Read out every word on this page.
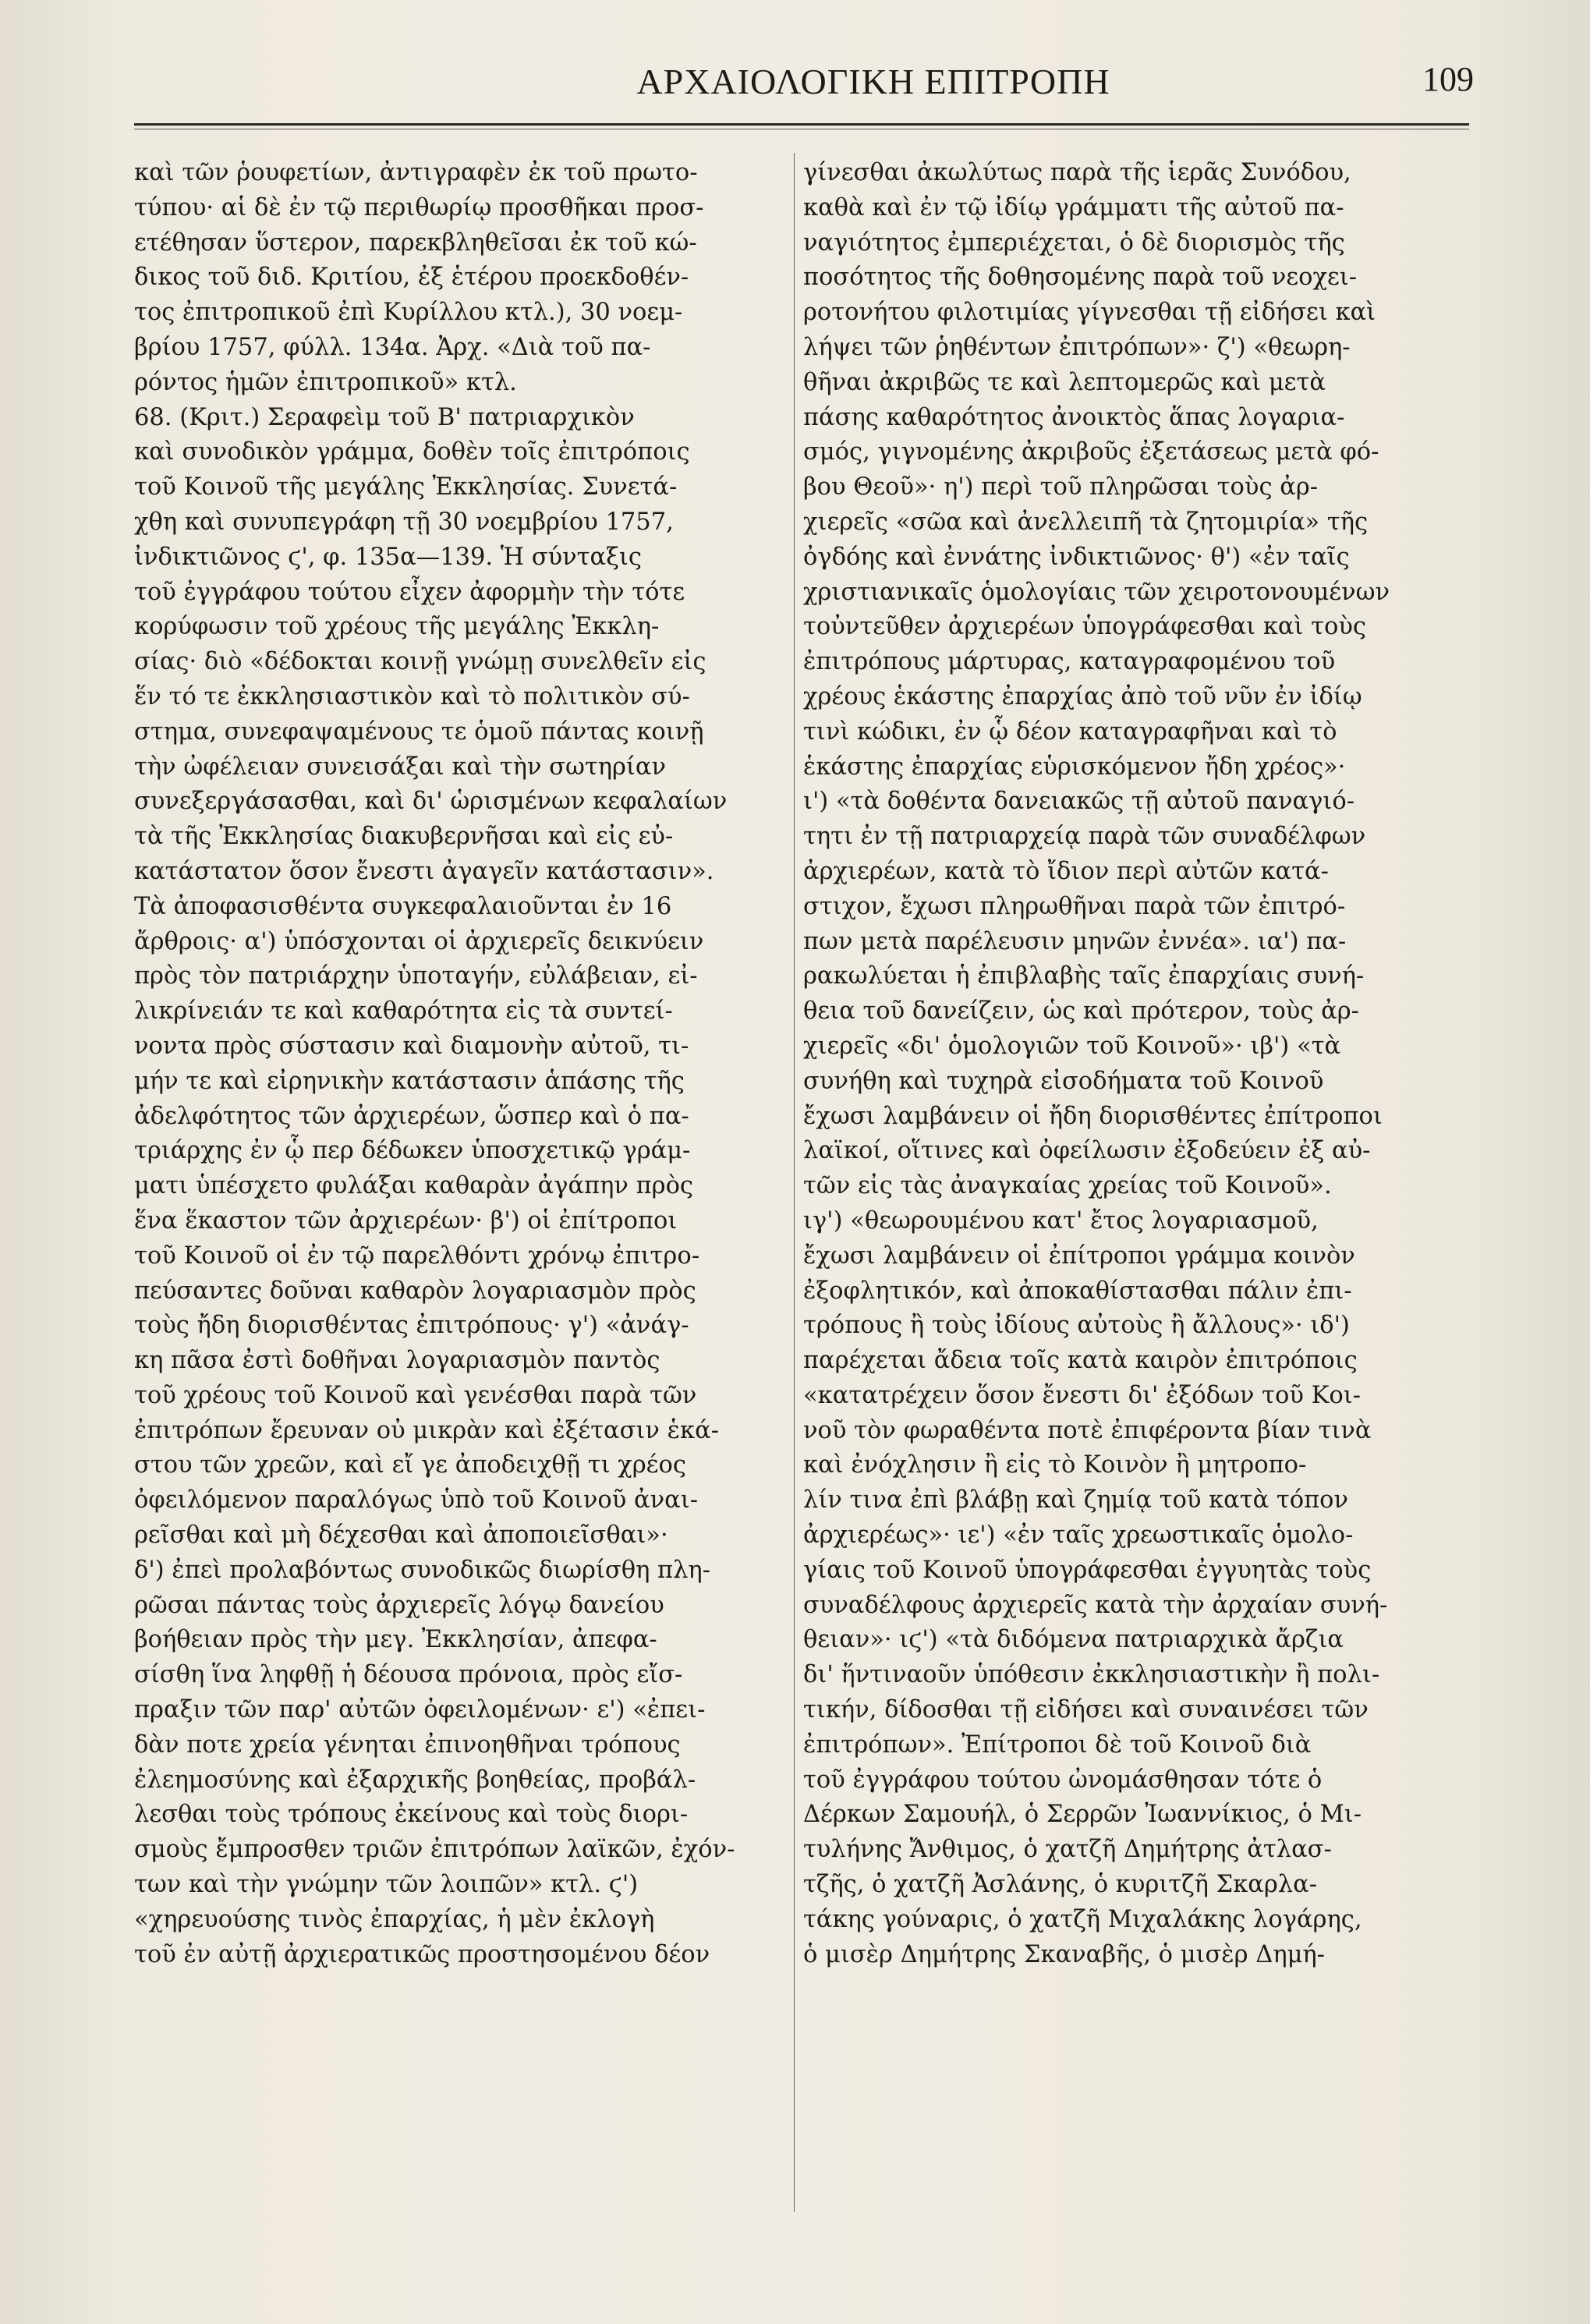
ΑΡΧΑΙΟΛΟΓΙΚΗ ΕΠΙΤΡΟΠΗ	109
καὶ τῶν ῥουφετίων, ἀντιγραφὲν ἐκ τοῦ πρωτο-
τύπου· αἱ δὲ ἐν τῷ περιθωρίῳ προσθῆκαι προσ-
ετέθησαν ὕστερον, παρεκβληθεῖσαι ἐκ τοῦ κώ-
δικος τοῦ διδ. Κριτίου, ἐξ ἑτέρου προεκδοθέν-
τος ἐπιτροπικοῦ ἐπὶ Κυρίλλου κτλ.), 30 νοεμ-
βρίου 1757, φύλλ. 134α. Ἀρχ. «Διὰ τοῦ πα-
ρόντος ἡμῶν ἐπιτροπικοῦ» κτλ.
68. (Κριτ.) Σεραφεὶμ τοῦ Β' πατριαρχικὸν
καὶ συνοδικὸν γράμμα, δοθὲν τοῖς ἐπιτρόποις
τοῦ Κοινοῦ τῆς μεγάλης Ἐκκλησίας. Συνετά-
χθη καὶ συνυπεγράφη τῇ 30 νοεμβρίου 1757,
ἰνδικτιῶνος ϛ', φ. 135α—139. Ἡ σύνταξις
τοῦ ἐγγράφου τούτου εἶχεν ἀφορμὴν τὴν τότε
κορύφωσιν τοῦ χρέους τῆς μεγάλης Ἐκκλη-
σίας· διὸ «δέδοκται κοινῇ γνώμῃ συνελθεῖν εἰς
ἕν τό τε ἐκκλησιαστικὸν καὶ τὸ πολιτικὸν σύ-
στημα, συνεφαψαμένους τε ὁμοῦ πάντας κοινῇ
τὴν ὠφέλειαν συνεισάξαι καὶ τὴν σωτηρίαν
συνεξεργάσασθαι, καὶ δι' ὡρισμένων κεφαλαίων
τὰ τῆς Ἐκκλησίας διακυβερνῆσαι καὶ εἰς εὐ-
κατάστατον ὅσον ἔνεστι ἀγαγεῖν κατάστασιν».
Τὰ ἀποφασισθέντα συγκεφαλαιοῦνται ἐν 16
ἄρθροις· α') ὑπόσχονται οἱ ἀρχιερεῖς δεικνύειν
πρὸς τὸν πατριάρχην ὑποταγήν, εὐλάβειαν, εἰ-
λικρίνειάν τε καὶ καθαρότητα εἰς τὰ συντεί-
νοντα πρὸς σύστασιν καὶ διαμονὴν αὐτοῦ, τι-
μήν τε καὶ εἰρηνικὴν κατάστασιν ἁπάσης τῆς
ἀδελφότητος τῶν ἀρχιερέων, ὥσπερ καὶ ὁ πα-
τριάρχης ἐν ᾧ περ δέδωκεν ὑποσχετικῷ γράμ-
ματι ὑπέσχετο φυλάξαι καθαρὰν ἀγάπην πρὸς
ἕνα ἕκαστον τῶν ἀρχιερέων· β') οἱ ἐπίτροποι
τοῦ Κοινοῦ οἱ ἐν τῷ παρελθόντι χρόνῳ ἐπιτρο-
πεύσαντες δοῦναι καθαρὸν λογαριασμὸν πρὸς
τοὺς ἤδη διορισθέντας ἐπιτρόπους· γ') «ἀνάγ-
κη πᾶσα ἐστὶ δοθῆναι λογαριασμὸν παντὸς
τοῦ χρέους τοῦ Κοινοῦ καὶ γενέσθαι παρὰ τῶν
ἐπιτρόπων ἔρευναν οὐ μικρὰν καὶ ἐξέτασιν ἑκά-
στου τῶν χρεῶν, καὶ εἴ γε ἀποδειχθῇ τι χρέος
ὀφειλόμενον παραλόγως ὑπὸ τοῦ Κοινοῦ ἀναι-
ρεῖσθαι καὶ μὴ δέχεσθαι καὶ ἀποποιεῖσθαι»·
δ') ἐπεὶ προλαβόντως συνοδικῶς διωρίσθη πλη-
ρῶσαι πάντας τοὺς ἀρχιερεῖς λόγῳ δανείου
βοήθειαν πρὸς τὴν μεγ. Ἐκκλησίαν, ἀπεφα-
σίσθη ἵνα ληφθῇ ἡ δέουσα πρόνοια, πρὸς εἴσ-
πραξιν τῶν παρ' αὐτῶν ὀφειλομένων· ε') «ἐπει-
δὰν ποτε χρεία γένηται ἐπινοηθῆναι τρόπους
ἐλεημοσύνης καὶ ἐξαρχικῆς βοηθείας, προβάλ-
λεσθαι τοὺς τρόπους ἐκείνους καὶ τοὺς διορι-
σμοὺς ἔμπροσθεν τριῶν ἐπιτρόπων λαϊκῶν, ἐχόν-
των καὶ τὴν γνώμην τῶν λοιπῶν» κτλ. ϛ')
«χηρευούσης τινὸς ἐπαρχίας, ἡ μὲν ἐκλογὴ
τοῦ ἐν αὐτῇ ἀρχιερατικῶς προστησομένου δέον
γίνεσθαι ἀκωλύτως παρὰ τῆς ἱερᾶς Συνόδου,
καθὰ καὶ ἐν τῷ ἰδίῳ γράμματι τῆς αὐτοῦ πα-
ναγιότητος ἐμπεριέχεται, ὁ δὲ διορισμὸς τῆς
ποσότητος τῆς δοθησομένης παρὰ τοῦ νεοχει-
ροτονήτου φιλοτιμίας γίγνεσθαι τῇ εἰδήσει καὶ
λήψει τῶν ῥηθέντων ἐπιτρόπων»· ζ') «θεωρη-
θῆναι ἀκριβῶς τε καὶ λεπτομερῶς καὶ μετὰ
πάσης καθαρότητος ἀνοικτὸς ἅπας λογαρια-
σμός, γιγνομένης ἀκριβοῦς ἐξετάσεως μετὰ φό-
βου Θεοῦ»· η') περὶ τοῦ πληρῶσαι τοὺς ἀρ-
χιερεῖς «σῶα καὶ ἀνελλειπῆ τὰ ζητομιρία» τῆς
ὀγδόης καὶ ἐννάτης ἰνδικτιῶνος· θ') «ἐν ταῖς
χριστιανικαῖς ὁμολογίαις τῶν χειροτονουμένων
τοὐντεῦθεν ἀρχιερέων ὑπογράφεσθαι καὶ τοὺς
ἐπιτρόπους μάρτυρας, καταγραφομένου τοῦ
χρέους ἑκάστης ἐπαρχίας ἀπὸ τοῦ νῦν ἐν ἰδίῳ
τινὶ κώδικι, ἐν ᾧ δέον καταγραφῆναι καὶ τὸ
ἑκάστης ἐπαρχίας εὑρισκόμενον ἤδη χρέος»·
ι') «τὰ δοθέντα δανειακῶς τῇ αὐτοῦ παναγιό-
τητι ἐν τῇ πατριαρχείᾳ παρὰ τῶν συναδέλφων
ἀρχιερέων, κατὰ τὸ ἴδιον περὶ αὐτῶν κατά-
στιχον, ἔχωσι πληρωθῆναι παρὰ τῶν ἐπιτρό-
πων μετὰ παρέλευσιν μηνῶν ἐννέα». ια') πα-
ρακωλύεται ἡ ἐπιβλαβὴς ταῖς ἐπαρχίαις συνή-
θεια τοῦ δανείζειν, ὡς καὶ πρότερον, τοὺς ἀρ-
χιερεῖς «δι' ὁμολογιῶν τοῦ Κοινοῦ»· ιβ') «τὰ
συνήθη καὶ τυχηρὰ εἰσοδήματα τοῦ Κοινοῦ
ἔχωσι λαμβάνειν οἱ ἤδη διορισθέντες ἐπίτροποι
λαϊκοί, οἵτινες καὶ ὀφείλωσιν ἐξοδεύειν ἐξ αὐ-
τῶν εἰς τὰς ἀναγκαίας χρείας τοῦ Κοινοῦ».
ιγ') «θεωρουμένου κατ' ἔτος λογαριασμοῦ,
ἔχωσι λαμβάνειν οἱ ἐπίτροποι γράμμα κοινὸν
ἐξοφλητικόν, καὶ ἀποκαθίστασθαι πάλιν ἐπι-
τρόπους ἢ τοὺς ἰδίους αὐτοὺς ἢ ἄλλους»· ιδ')
παρέχεται ἄδεια τοῖς κατὰ καιρὸν ἐπιτρόποις
«κατατρέχειν ὅσον ἔνεστι δι' ἐξόδων τοῦ Κοι-
νοῦ τὸν φωραθέντα ποτὲ ἐπιφέροντα βίαν τινὰ
καὶ ἐνόχλησιν ἢ εἰς τὸ Κοινὸν ἢ μητροπο-
λίν τινα ἐπὶ βλάβῃ καὶ ζημίᾳ τοῦ κατὰ τόπον
ἀρχιερέως»· ιε') «ἐν ταῖς χρεωστικαῖς ὁμολο-
γίαις τοῦ Κοινοῦ ὑπογράφεσθαι ἐγγυητὰς τοὺς
συναδέλφους ἀρχιερεῖς κατὰ τὴν ἀρχαίαν συνή-
θειαν»· ιϛ') «τὰ διδόμενα πατριαρχικὰ ἄρζια
δι' ἥντιναοῦν ὑπόθεσιν ἐκκλησιαστικὴν ἢ πολι-
τικήν, δίδοσθαι τῇ εἰδήσει καὶ συναινέσει τῶν
ἐπιτρόπων». Ἐπίτροποι δὲ τοῦ Κοινοῦ διὰ
τοῦ ἐγγράφου τούτου ὠνομάσθησαν τότε ὁ
Δέρκων Σαμουήλ, ὁ Σερρῶν Ἰωαννίκιος, ὁ Μι-
τυλήνης Ἄνθιμος, ὁ χατζῆ Δημήτρης ἀτλασ-
τζῆς, ὁ χατζῆ Ἀσλάνης, ὁ κυριτζῆ Σκαρλα-
τάκης γούναρις, ὁ χατζῆ Μιχαλάκης λογάρης,
ὁ μισὲρ Δημήτρης Σκαναβῆς, ὁ μισὲρ Δημή-
